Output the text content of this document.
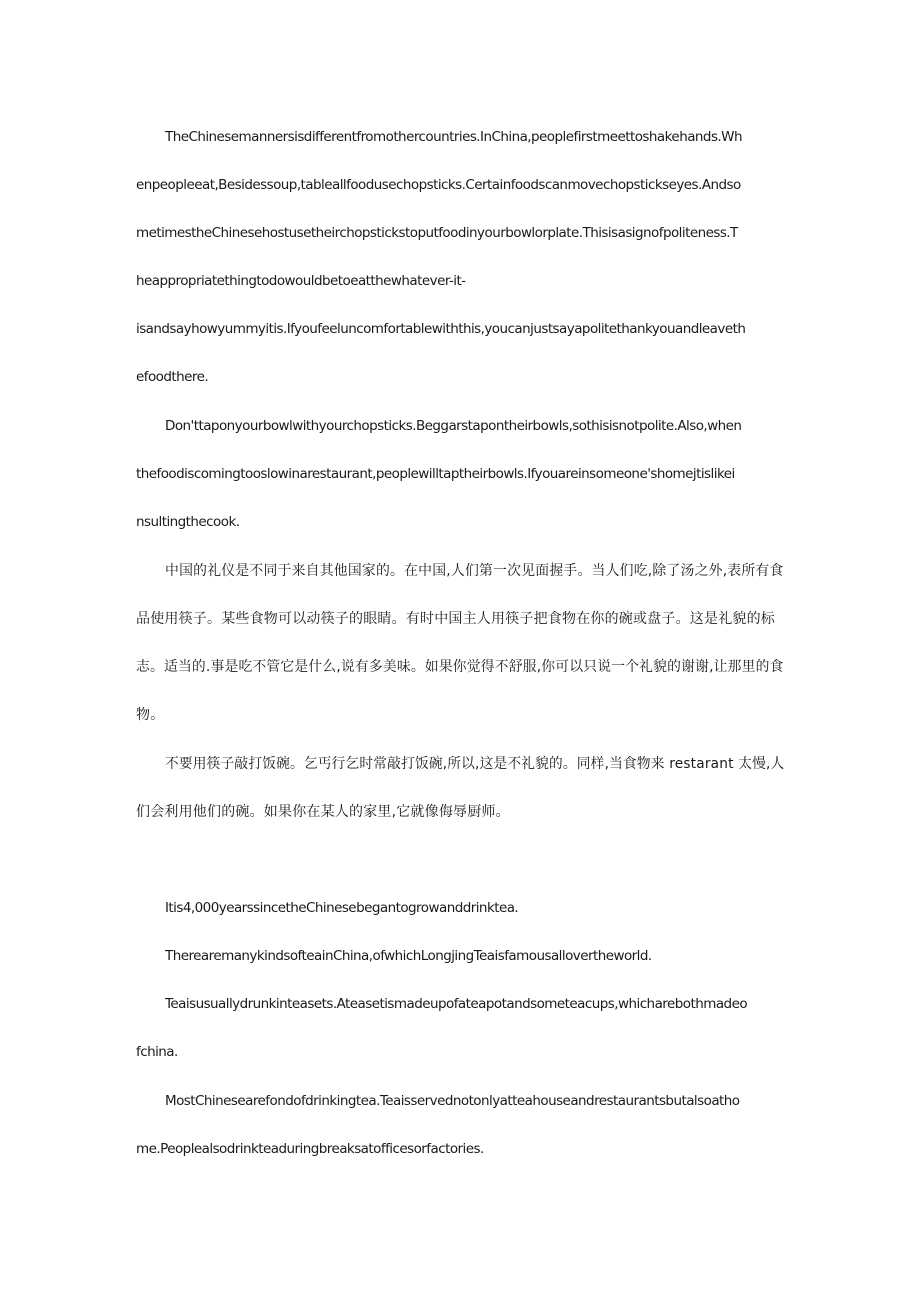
TheChinesemannersisdifferentfromothercountries.InChina,peoplefirstmeettoshakehands.Wh
enpeopleeat,Besidessoup,tableallfoodusechopsticks.Certainfoodscanmovechopstickseyes.Andso
metimestheChinesehostusetheirchopstickstoputfoodinyourbowlorplate.Thisisasignofpoliteness.T
heappropriatethingtodowouldbetoeatthewhatever-it-
isandsayhowyummyitis.Ifyoufeeluncomfortablewiththis,youcanjustsayapolitethankyouandleaveth
efoodthere.
Don'ttaponyourbowlwithyourchopsticks.Beggarstapontheirbowls,sothisisnotpolite.Also,when
thefoodiscomingtooslowinarestaurant,peoplewilltaptheirbowls.Ifyouareinsomeone'shomejtislikei
nsultingthecook.
中国的礼仪是不同于来自其他国家的。在中国,人们第一次见面握手。当人们吃,除了汤之外,表所有食
品使用筷子。某些食物可以动筷子的眼睛。有时中国主人用筷子把食物在你的碗或盘子。这是礼貌的标
志。适当的.事是吃不管它是什么,说有多美味。如果你觉得不舒服,你可以只说一个礼貌的谢谢,让那里的食
物。
不要用筷子敲打饭碗。乞丐行乞时常敲打饭碗,所以,这是不礼貌的。同样,当食物来 restarant 太慢,人
们会利用他们的碗。如果你在某人的家里,它就像侮辱厨师。
Itis4,000yearssincetheChinesebegantogrowanddrinktea.
TherearemanykindsofteainChina,ofwhichLongjingTeaisfamousallovertheworld.
Teaisusuallydrunkinteasets.Ateasetismadeupofateapotandsometeacups,whicharebothmadeo
fchina.
MostChinesearefondofdrinkingtea.Teaisservednotonlyatteahouseandrestaurantsbutalsoatho
me.Peoplealsodrinkteaduringbreaksatofficesorfactories.
